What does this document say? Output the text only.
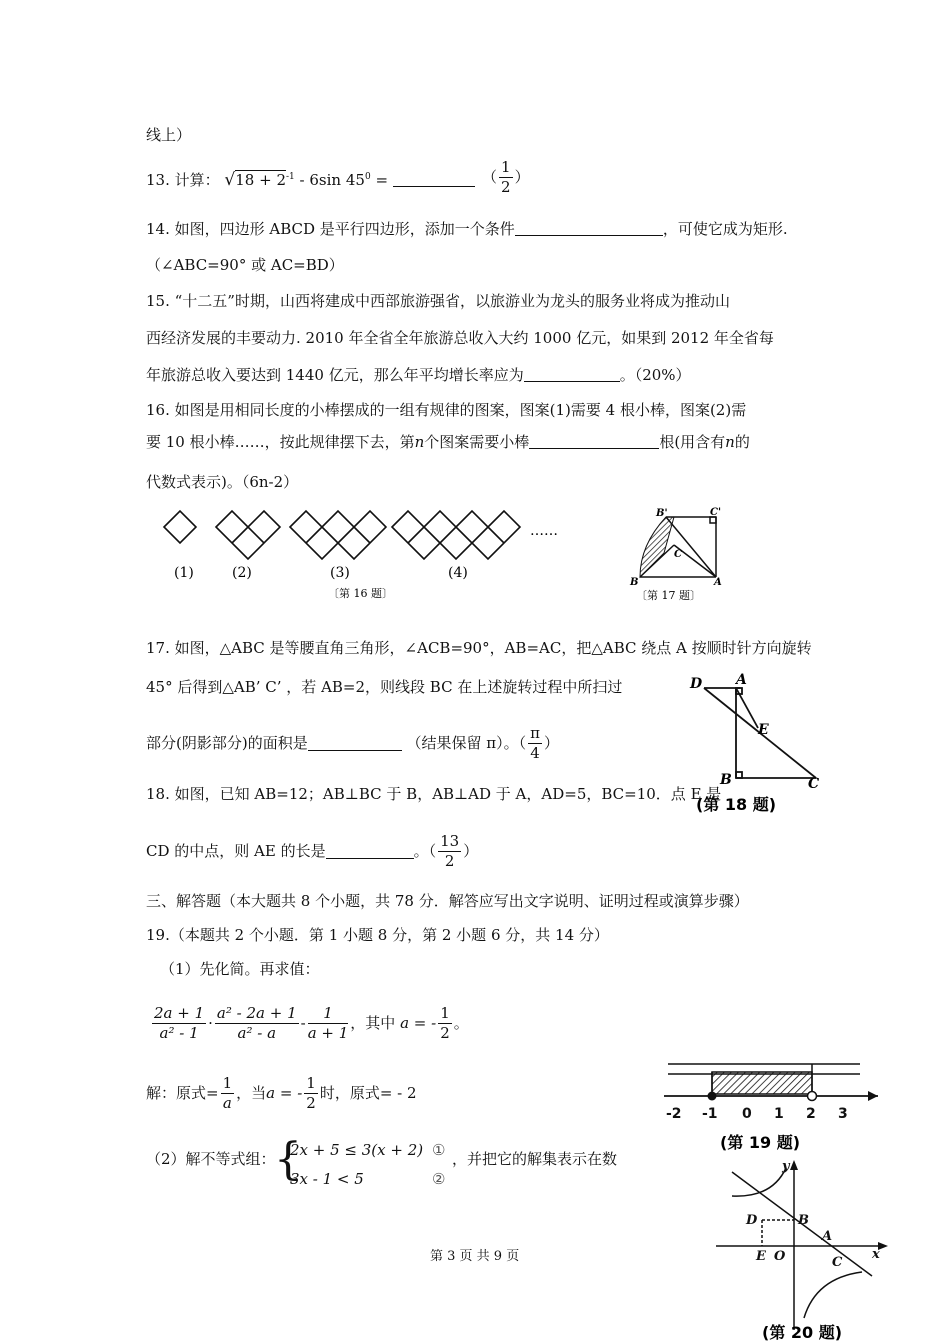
线上）
13. 计算： $√18 + 2^{-1} - 6\sin$ $45^0$ =	（ $\frac{1}{2}$ ）
14. 如图，四边形 ABCD 是平行四边形，添加一个条件	，可使它成为矩形.
（∠ABC=90° 或 AC=BD）
15. “十二五”时期，山西将建成中西部旅游强省，以旅游业为龙头的服务业将成为推动山
西经济发展的丰要动力. 2010 年全省全年旅游总收入大约 1000 亿元，如果到 2012 年全省每
年旅游总收入要达到 1440 亿元，那么年平均增长率应为	。（20%）
16. 如图是用相同长度的小棒摆成的一组有规律的图案，图案(1)需要 4 根小棒，图案(2)需
要 10 根小棒……，按此规律摆下去，第n个图案需要小棒	根(用含有n的
代数式表示)。（6n-2）
(1)	(2)	(3)	(4)
……
〔第 16 题〕
B'	C'
C
B	A
〔第 17 题〕
17. 如图，△ABC 是等腰直角三角形，∠ACB=90°，AB=AC，把△ABC 绕点 A 按顺时针方向旋转
45° 后得到△AB’ C’ ，若 AB=2，则线段 BC 在上述旋转过程中所扫过
部分(阴影部分)的面积是	（结果保留 π）。（ $\frac{\pi}{4}$ ）
D A
E
B	C
(第 18 题)
18. 如图，已知 AB=12；AB⊥BC 于 B，AB⊥AD 于 A，AD=5，BC=10．点 E 是
CD 的中点，则 AE 的长是	。（ $\frac{13}{2}$ ）
三、解答题（本大题共 8 个小题，共 78 分．解答应写出文字说明、证明过程或演算步骤）
19.（本题共 2 个小题．第 1 小题 8 分，第 2 小题 6 分，共 14 分）
（1）先化简。再求值：
$\frac{2a + 1}{\text{a² - 1}} \cdot \frac{\text{a² - 2a + 1}}{\text{a² - a}} - \frac{1}{a + 1}$ ，其中 a = - $\frac{1}{2}$ 。
解：原式= $\frac{1}{a}$ ，当a = - $\frac{1}{2}$ 时，原式= - 2
（2）解不等式组：
{
2x + 5 ≤ 3(x + 2)
3x - 1 < 5
①
②
，并把它的解集表示在数
-2 -1 0 1 2 3
(第 19 题)
y
D	B
A
E O	C
x
(第 20 题)
第 3 页 共 9 页
